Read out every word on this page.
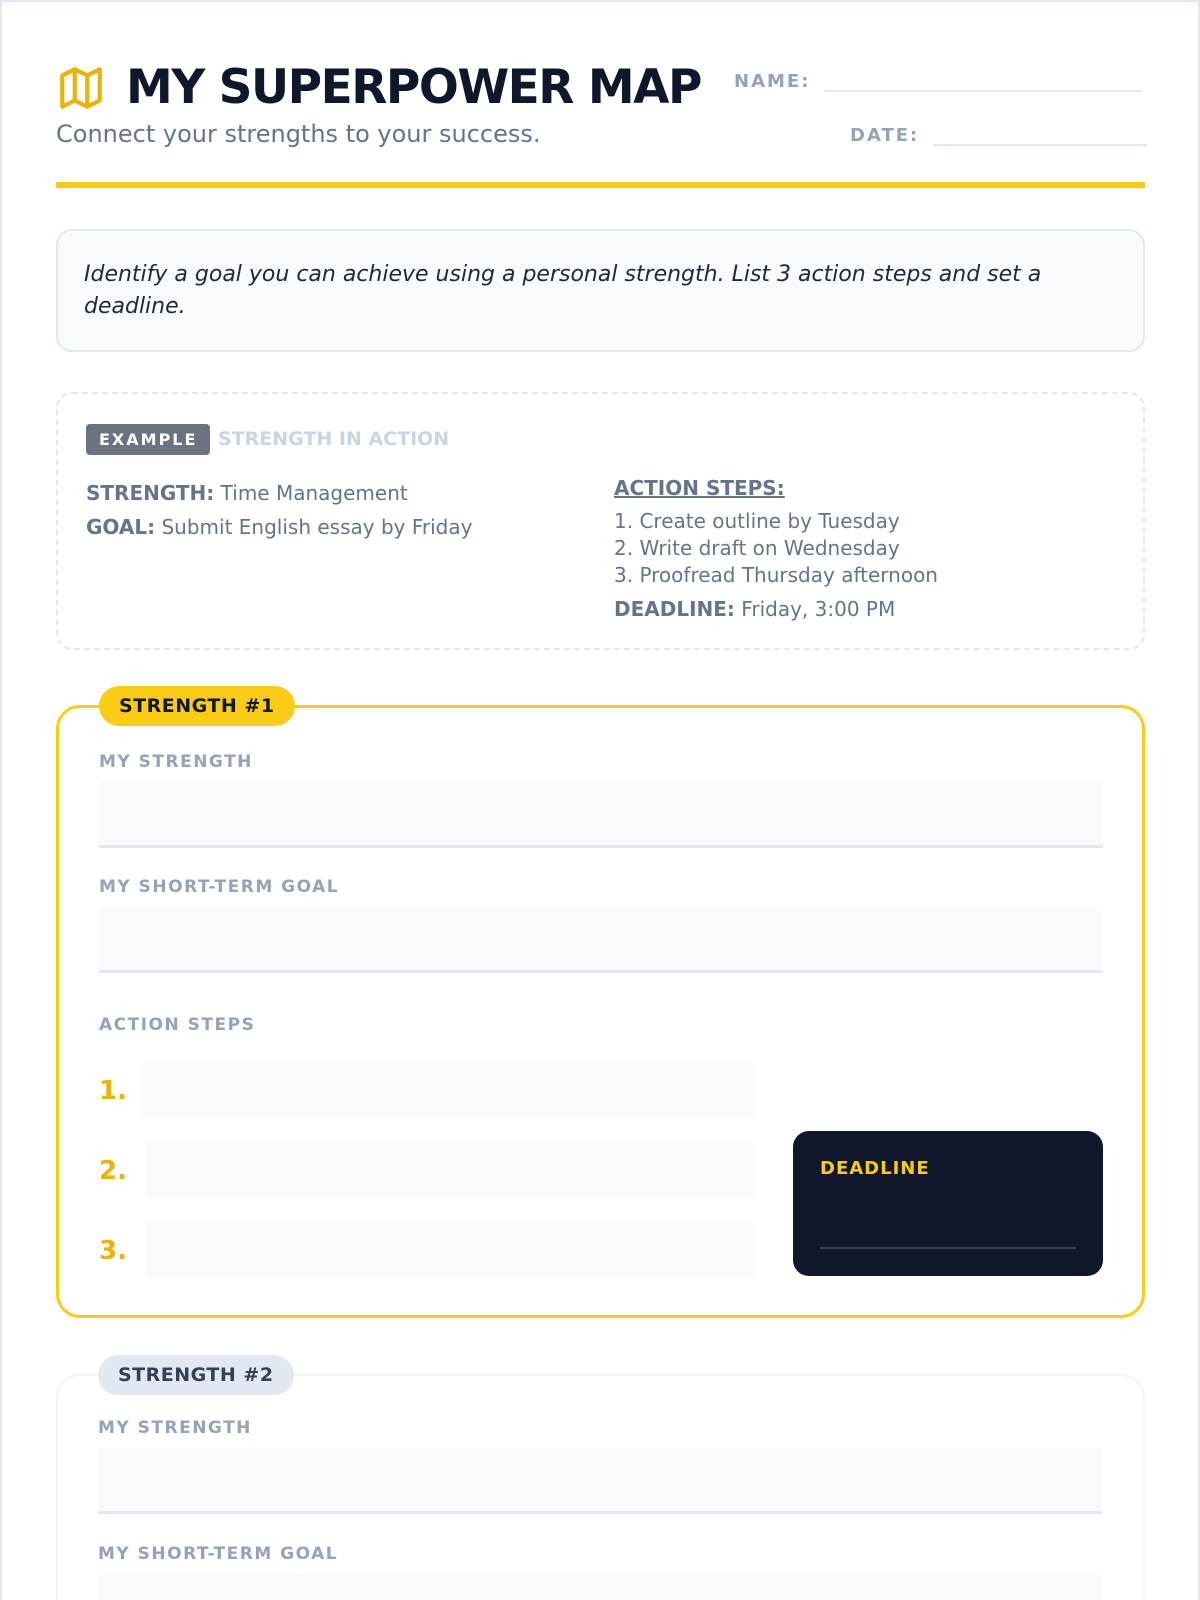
MY SUPERPOWER MAP
Connect your strengths to your success.
NAME:
DATE:
Identify a goal you can achieve using a personal strength. List 3 action steps and set a deadline.
EXAMPLE	STRENGTH IN ACTION
STRENGTH: Time Management
GOAL: Submit English essay by Friday
ACTION STEPS:
1. Create outline by Tuesday
2. Write draft on Wednesday
3. Proofread Thursday afternoon
DEADLINE: Friday, 3:00 PM
STRENGTH #1
MY STRENGTH
MY SHORT-TERM GOAL
ACTION STEPS
1.
2.
3.
DEADLINE
STRENGTH #2
MY STRENGTH
MY SHORT-TERM GOAL
